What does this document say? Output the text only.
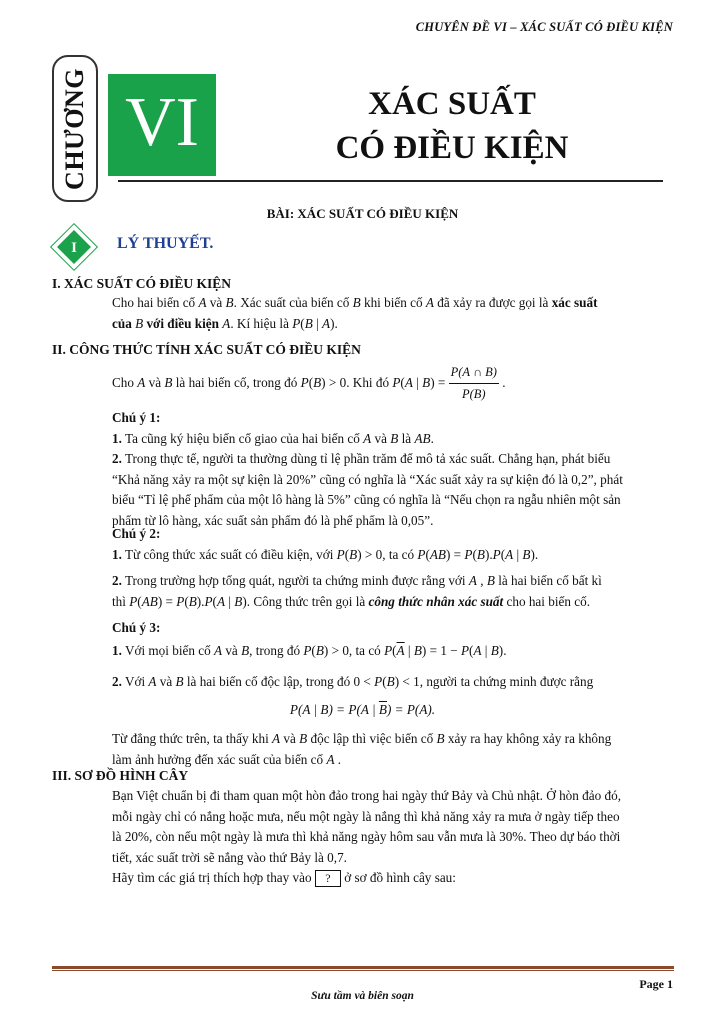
CHUYÊN ĐỀ VI – XÁC SUẤT CÓ ĐIỀU KIỆN
CHƯƠNG VI	XÁC SUẤT
CÓ ĐIỀU KIỆN
BÀI: XÁC SUẤT CÓ ĐIỀU KIỆN
I	LÝ THUYẾT.
I. XÁC SUẤT CÓ ĐIỀU KIỆN
Cho hai biến cố A và B. Xác suất của biến cố B khi biến cố A đã xảy ra được gọi là xác suất
của B với điều kiện A. Kí hiệu là P(B | A).
II. CÔNG THỨC TÍNH XÁC SUẤT CÓ ĐIỀU KIỆN
Cho A và B là hai biến cố, trong đó P(B) > 0. Khi đó P(A | $B) = \frac{P(A \cap B)}{P(B)}$ .
Chú ý 1:
1. Ta cũng ký hiệu biến cố giao của hai biến cố A và B là AB.
2. Trong thực tế, người ta thường dùng tỉ lệ phần trăm để mô tả xác suất. Chẳng hạn, phát biểu
“Khả năng xảy ra một sự kiện là 20%” cũng có nghĩa là “Xác suất xảy ra sự kiện đó là 0,2”, phát
biểu “Tỉ lệ phế phẩm của một lô hàng là 5%” cũng có nghĩa là “Nếu chọn ra ngẫu nhiên một sản
phẩm từ lô hàng, xác suất sản phẩm đó là phế phẩm là 0,05”.
Chú ý 2:
1. Từ công thức xác suất có điều kiện, với P(B) > 0, ta có P(AB) = P(B).P(A | B).
2. Trong trường hợp tổng quát, người ta chứng minh được rằng với A , B là hai biến cố bất kì
thì P(AB) = P(B).P(A | B). Công thức trên gọi là công thức nhân xác suất cho hai biến cố.
Chú ý 3:
1. Với mọi biến cố A và B, trong đó P(B) > 0, ta có $P(\overline{A}$ | B) = 1 − P(A | B).
2. Với A và B là hai biến cố độc lập, trong đó 0 < P(B) < 1, người ta chứng minh được rằng
P(A | B) = P(A | $\overline{B}) = P(A)$.
Từ đẳng thức trên, ta thấy khi A và B độc lập thì việc biến cố B xảy ra hay không xảy ra không
làm ảnh hưởng đến xác suất của biến cố A .
III. SƠ ĐỒ HÌNH CÂY
Bạn Việt chuẩn bị đi tham quan một hòn đảo trong hai ngày thứ Bảy và Chủ nhật. Ở hòn đảo đó,
mỗi ngày chỉ có nắng hoặc mưa, nếu một ngày là nắng thì khả năng xảy ra mưa ở ngày tiếp theo
là 20%, còn nếu một ngày là mưa thì khả năng ngày hôm sau vẫn mưa là 30%. Theo dự báo thời
tiết, xác suất trời sẽ nắng vào thứ Bảy là 0,7.
Hãy tìm các giá trị thích hợp thay vào ? ở sơ đồ hình cây sau:
Page 1
Sưu tầm và biên soạn
